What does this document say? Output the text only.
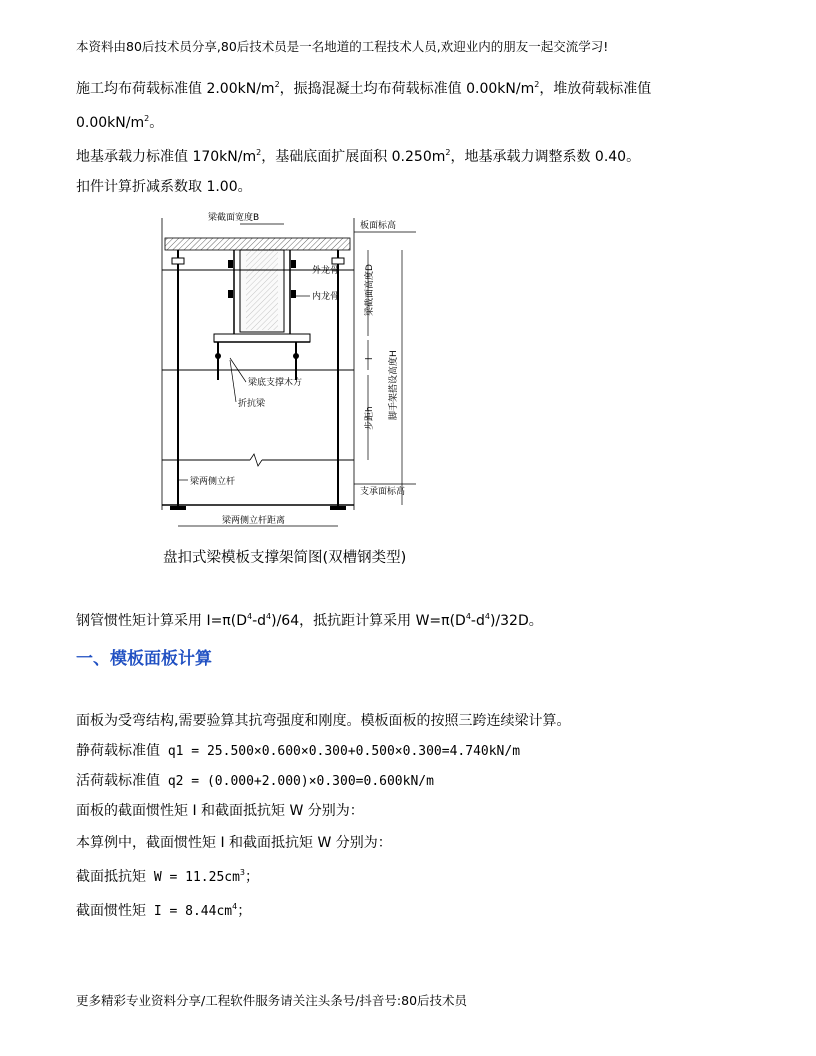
本资料由80后技术员分享,80后技术员是一名地道的工程技术人员,欢迎业内的朋友一起交流学习!
施工均布荷载标准值 $2.00kN/m^2$，振捣混凝土均布荷载标准值 $0.00kN/m^2$，堆放荷载标准值
$0.00kN/m^2$。
地基承载力标准值 $170kN/m^2$，基础底面扩展面积 $0.250m^2$，地基承载力调整系数 0.40。
扣件计算折减系数取 1.00。
梁截面宽度B
板面标高
外龙骨
内龙骨
梁底支撑木方
折抗梁
梁两侧立杆
支承面标高
梁截面高度D
l
步距h 脚手架搭设高度H
梁两侧立杆距离
盘扣式梁模板支撑架简图(双槽钢类型)
钢管惯性矩计算采用 $I=\pi(D^4-d^4)/64$，抵抗距计算采用 $W=\pi(D^4-d^4)/32D$。
一、模板面板计算
面板为受弯结构,需要验算其抗弯强度和刚度。模板面板的按照三跨连续梁计算。
静荷载标准值 q1 = 25.500×0.600×0.300+0.500×0.300=4.740kN/m
活荷载标准值 q2 = (0.000+2.000)×0.300=0.600kN/m
面板的截面惯性矩 I 和截面抵抗矩 W 分别为：
本算例中，截面惯性矩 I 和截面抵抗矩 W 分别为：
截面抵抗矩 $W = 11.25cm^3$；
截面惯性矩 $I = 8.44cm^4$；
更多精彩专业资料分享/工程软件服务请关注头条号/抖音号:80后技术员
